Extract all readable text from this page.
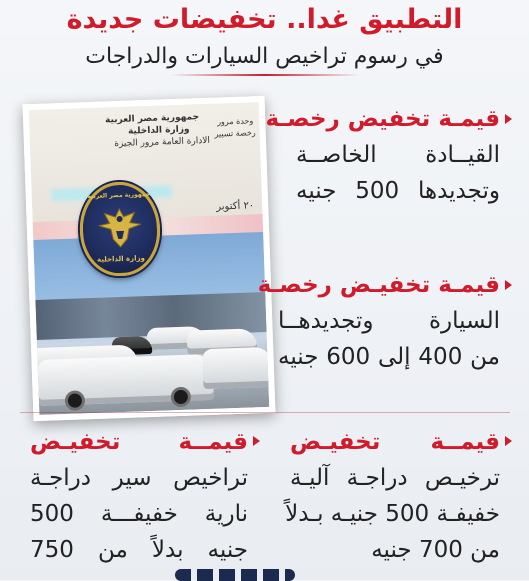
التطبيق غدا.. تخفيضات جديدة
في رسوم تراخيص السيارات والدراجات
جمهورية مصر العربية
وزارة الداخلية
الادارة العامة مرور الجيزة
وحدة مرور
رخصة تسيير
٢٠ أكتوبر
جمهورية مصر العربية
وزارة الداخلية
قيمـة تخفيض رخصـة
القيــادة الخاصــة
وتجديدها 500 جنيه
قيمـة تخفيـض رخصـة
السيارة وتجديدهــا
من 400 إلى 600 جنيه
قيمــة تخفيـض
ترخيـص دراجـة آليـة
خفيفـة 500 جنيـه بـدلاً
من 700 جنيه
قيمــة تخفيـض
تراخيص سير دراجـة
نارية خفيفـــة 500
جنيه بدلاً من 750
